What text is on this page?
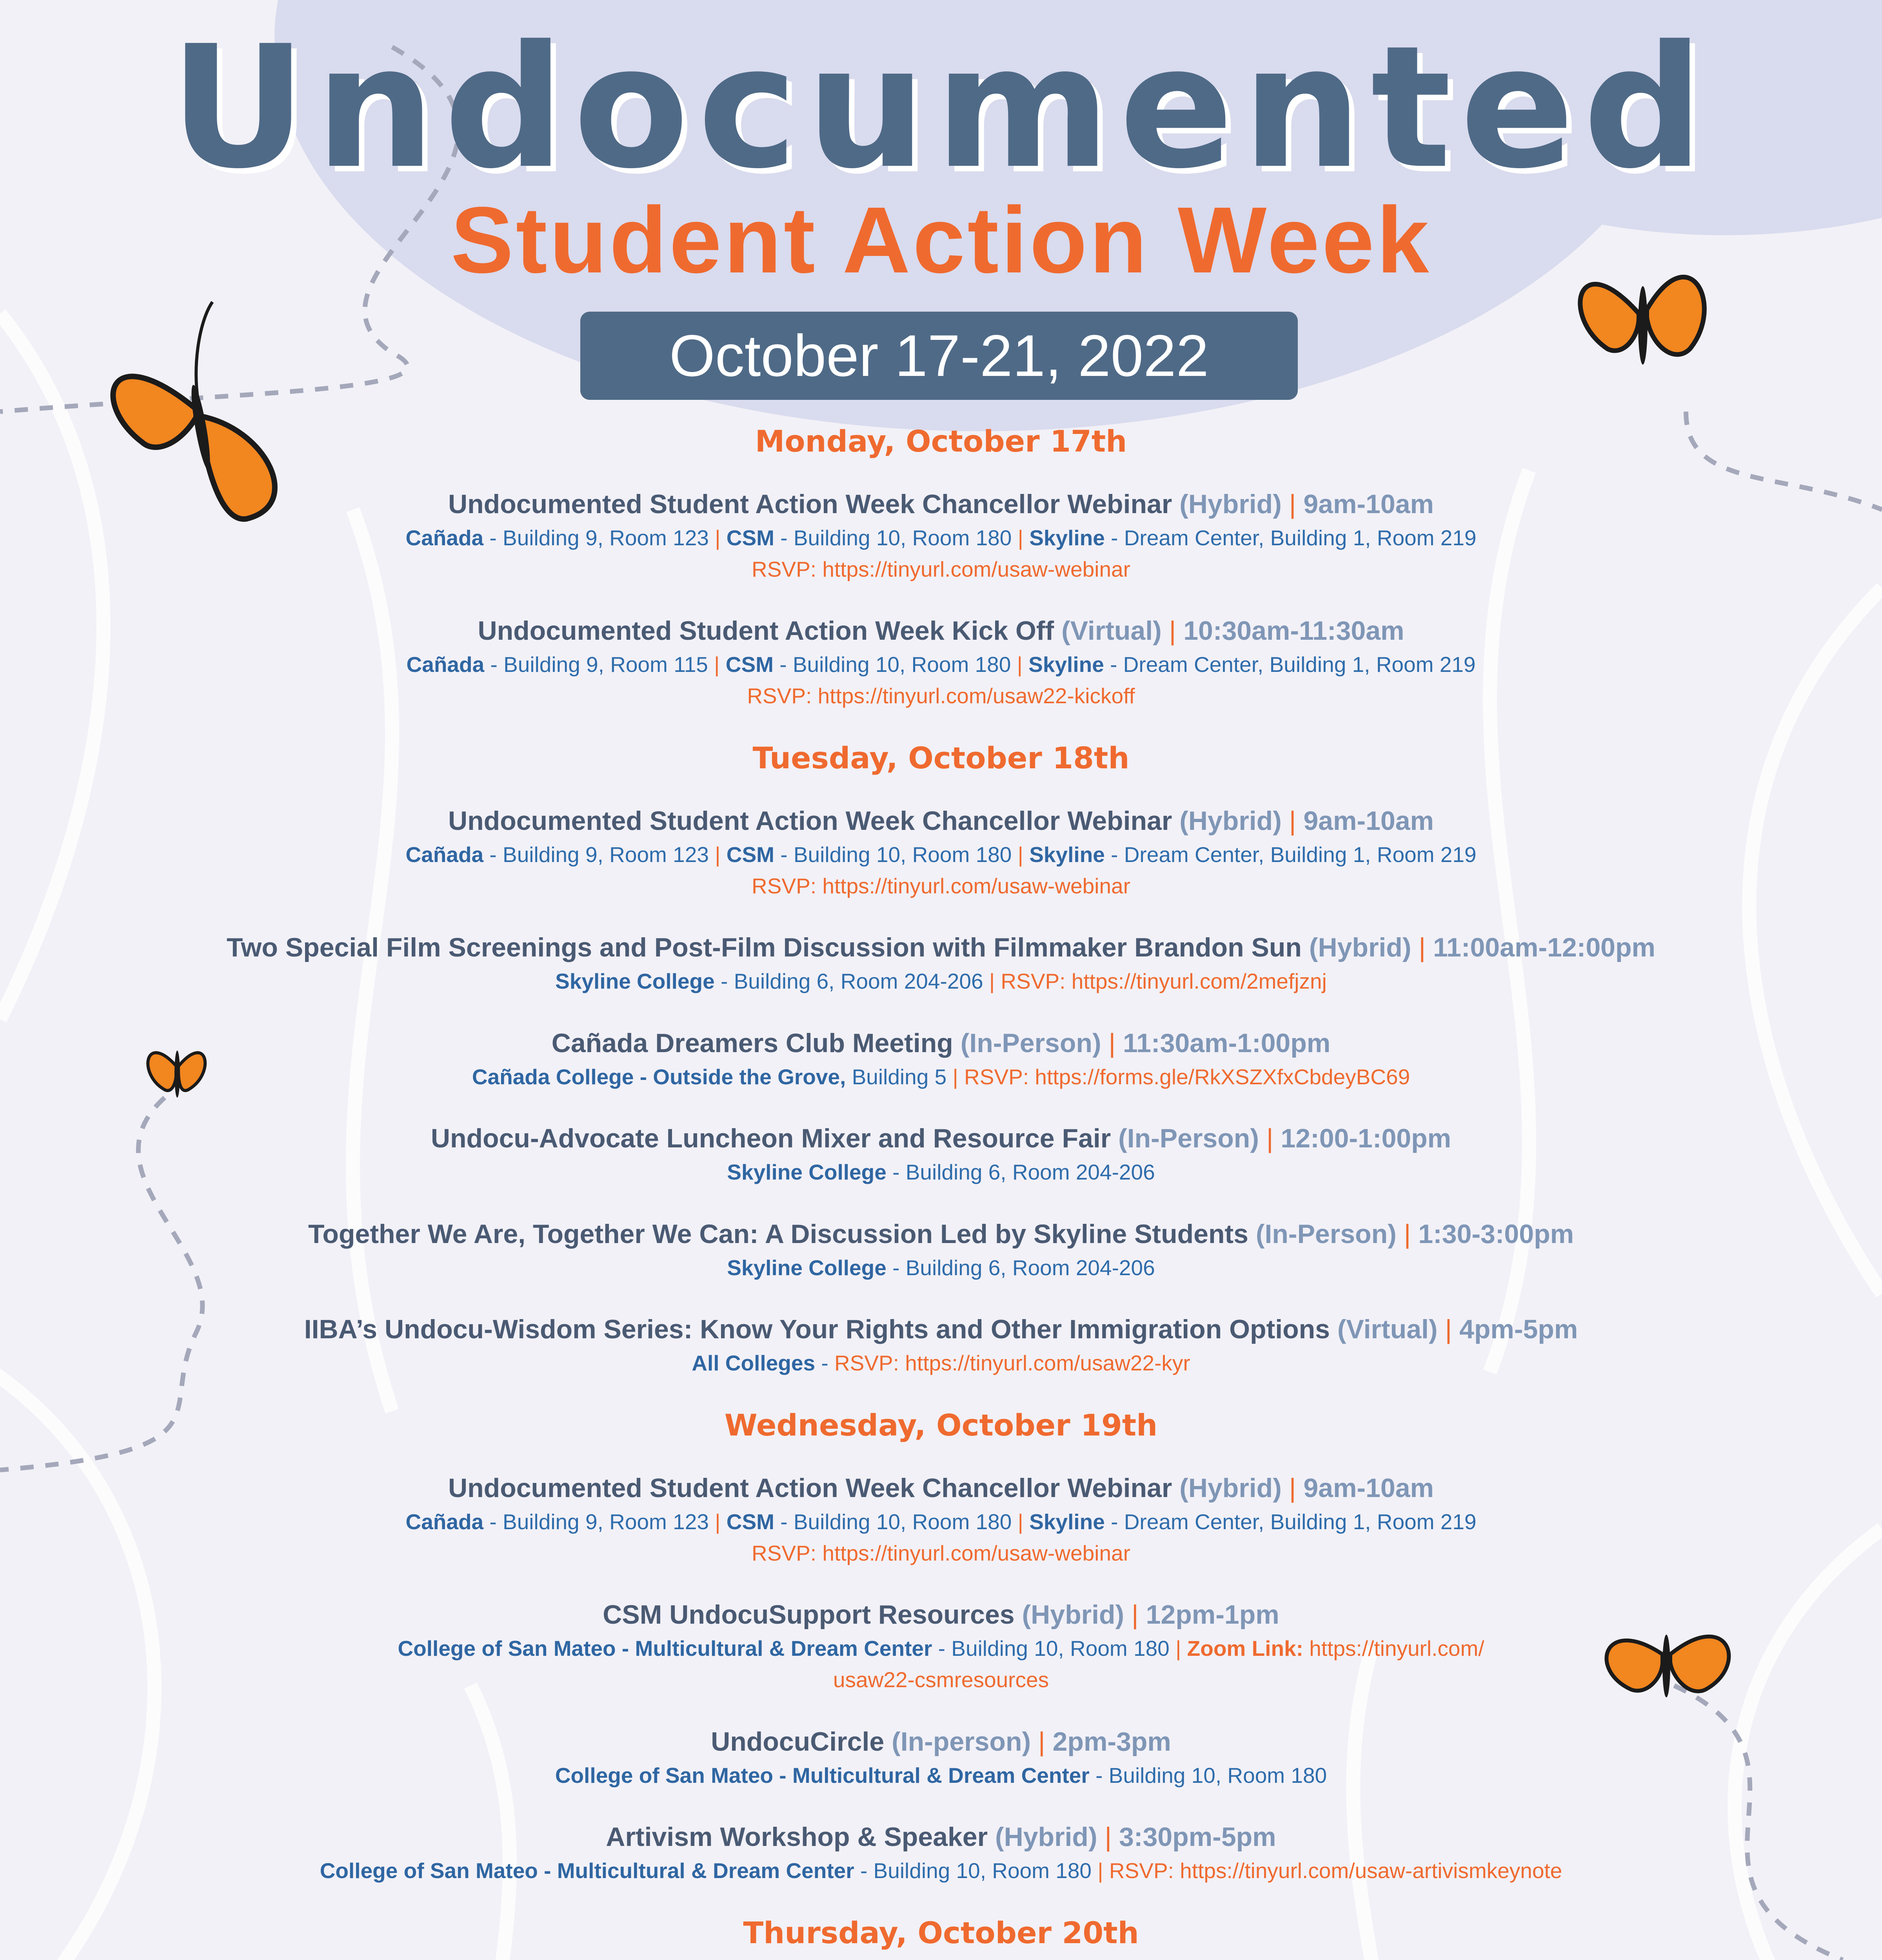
Undocumented
Student Action Week
October 17-21, 2022
Monday, October 17th
Undocumented Student Action Week Chancellor Webinar (Hybrid) | 9am-10am
Cañada - Building 9, Room 123 | CSM - Building 10, Room 180 | Skyline - Dream Center, Building 1, Room 219
RSVP: https://tinyurl.com/usaw-webinar
Undocumented Student Action Week Kick Off (Virtual) | 10:30am-11:30am
Cañada - Building 9, Room 115 | CSM - Building 10, Room 180 | Skyline - Dream Center, Building 1, Room 219
RSVP: https://tinyurl.com/usaw22-kickoff
Tuesday, October 18th
Undocumented Student Action Week Chancellor Webinar (Hybrid) | 9am-10am
Cañada - Building 9, Room 123 | CSM - Building 10, Room 180 | Skyline - Dream Center, Building 1, Room 219
RSVP: https://tinyurl.com/usaw-webinar
Two Special Film Screenings and Post-Film Discussion with Filmmaker Brandon Sun (Hybrid) | 11:00am-12:00pm
Skyline College - Building 6, Room 204-206 | RSVP: https://tinyurl.com/2mefjznj
Cañada Dreamers Club Meeting (In-Person) | 11:30am-1:00pm
Cañada College - Outside the Grove, Building 5 | RSVP: https://forms.gle/RkXSZXfxCbdeyBC69
Undocu-Advocate Luncheon Mixer and Resource Fair (In-Person) | 12:00-1:00pm
Skyline College - Building 6, Room 204-206
Together We Are, Together We Can: A Discussion Led by Skyline Students (In-Person) | 1:30-3:00pm
Skyline College - Building 6, Room 204-206
IIBA’s Undocu-Wisdom Series: Know Your Rights and Other Immigration Options (Virtual) | 4pm-5pm
All Colleges - RSVP: https://tinyurl.com/usaw22-kyr
Wednesday, October 19th
Undocumented Student Action Week Chancellor Webinar (Hybrid) | 9am-10am
Cañada - Building 9, Room 123 | CSM - Building 10, Room 180 | Skyline - Dream Center, Building 1, Room 219
RSVP: https://tinyurl.com/usaw-webinar
CSM UndocuSupport Resources (Hybrid) | 12pm-1pm
College of San Mateo - Multicultural & Dream Center - Building 10, Room 180 | Zoom Link: https://tinyurl.com/
usaw22-csmresources
UndocuCircle (In-person) | 2pm-3pm
College of San Mateo - Multicultural & Dream Center - Building 10, Room 180
Artivism Workshop & Speaker (Hybrid) | 3:30pm-5pm
College of San Mateo - Multicultural & Dream Center - Building 10, Room 180 | RSVP: https://tinyurl.com/usaw-artivismkeynote
Thursday, October 20th
